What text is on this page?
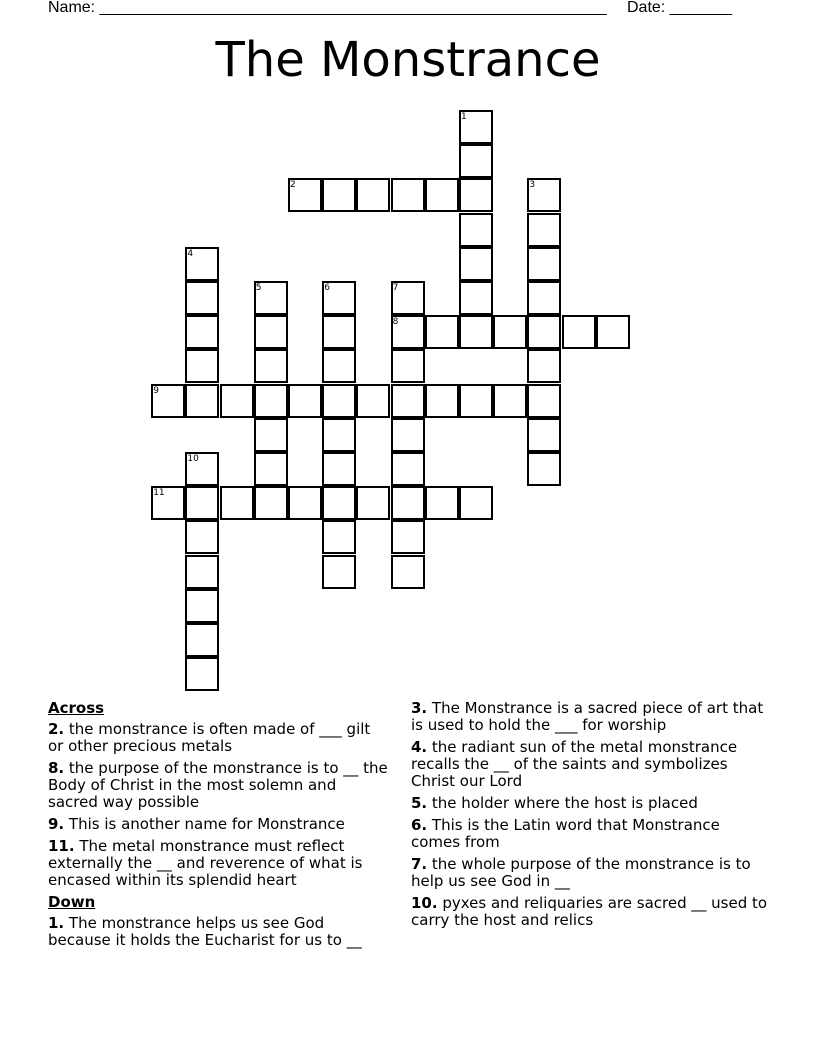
Name: _________________________________________________________ Date: _______
The Monstrance
1
2	3
4
5	6	7
8
9
10
11
Across
2. the monstrance is often made of ___ gilt or other precious metals
8. the purpose of the monstrance is to __ the Body of Christ in the most solemn and sacred way possible
9. This is another name for Monstrance
11. The metal monstrance must reflect externally the __ and reverence of what is encased within its splendid heart
Down
1. The monstrance helps us see God because it holds the Eucharist for us to __
3. The Monstrance is a sacred piece of art that is used to hold the ___ for worship
4. the radiant sun of the metal monstrance recalls the __ of the saints and symbolizes Christ our Lord
5. the holder where the host is placed
6. This is the Latin word that Monstrance comes from
7. the whole purpose of the monstrance is to help us see God in __
10. pyxes and reliquaries are sacred __ used to carry the host and relics
